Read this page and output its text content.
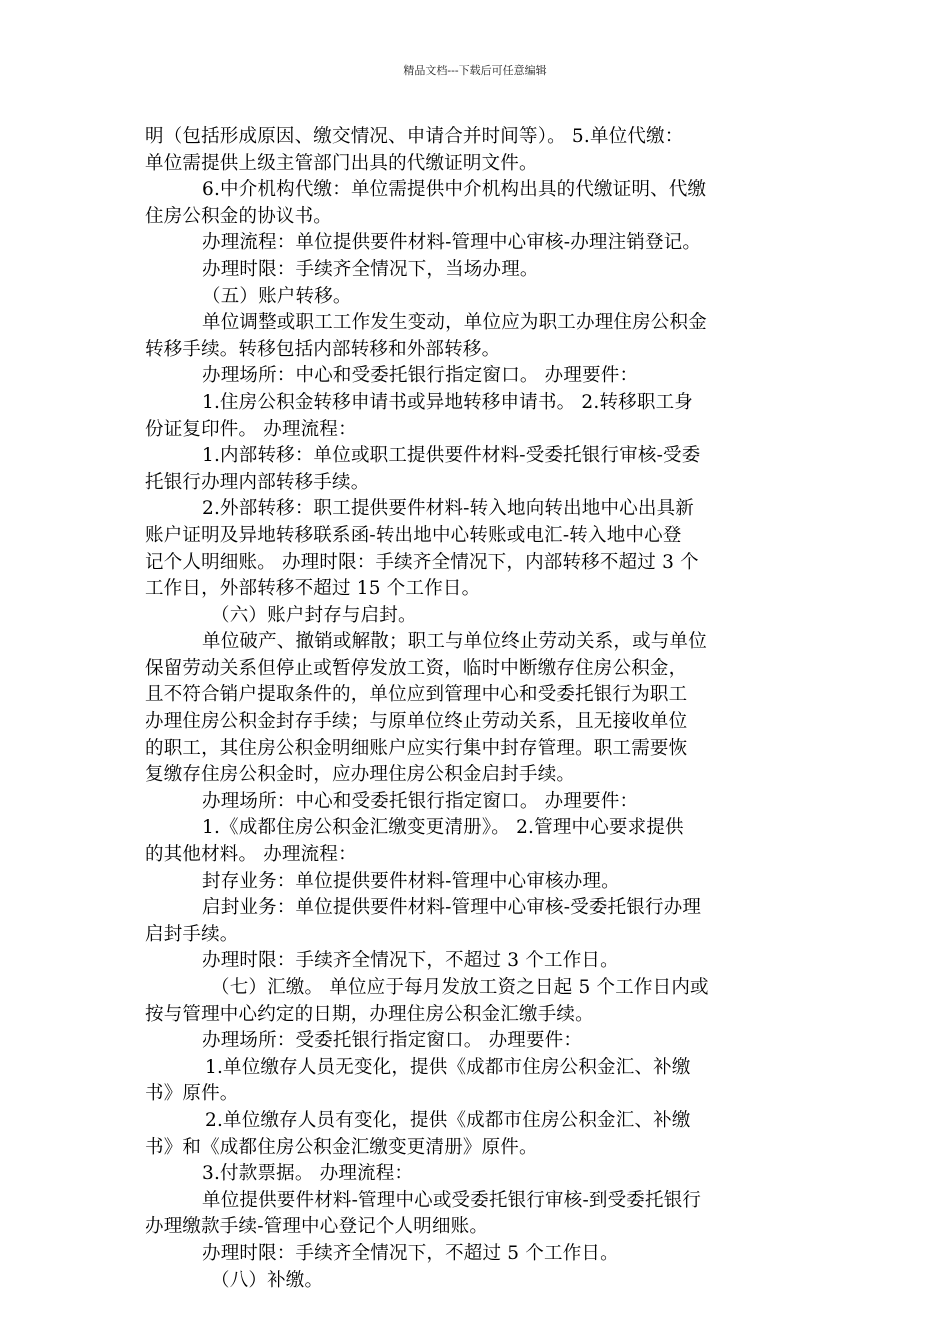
精品文档---下载后可任意编辑
明（包括形成原因、缴交情况、申请合并时间等）。 5.单位代缴：
单位需提供上级主管部门出具的代缴证明文件。
6.中介机构代缴：单位需提供中介机构出具的代缴证明、代缴
住房公积金的协议书。
办理流程：单位提供要件材料-管理中心审核-办理注销登记。
办理时限：手续齐全情况下，当场办理。
（五）账户转移。
单位调整或职工工作发生变动，单位应为职工办理住房公积金
转移手续。转移包括内部转移和外部转移。
办理场所：中心和受委托银行指定窗口。 办理要件：
1.住房公积金转移申请书或异地转移申请书。 2.转移职工身
份证复印件。 办理流程：
1.内部转移：单位或职工提供要件材料-受委托银行审核-受委
托银行办理内部转移手续。
2.外部转移：职工提供要件材料-转入地向转出地中心出具新
账户证明及异地转移联系函-转出地中心转账或电汇-转入地中心登
记个人明细账。 办理时限：手续齐全情况下，内部转移不超过 3 个
工作日，外部转移不超过 15 个工作日。
（六）账户封存与启封。
单位破产、撤销或解散；职工与单位终止劳动关系，或与单位
保留劳动关系但停止或暂停发放工资，临时中断缴存住房公积金，
且不符合销户提取条件的，单位应到管理中心和受委托银行为职工
办理住房公积金封存手续；与原单位终止劳动关系，且无接收单位
的职工，其住房公积金明细账户应实行集中封存管理。职工需要恢
复缴存住房公积金时，应办理住房公积金启封手续。
办理场所：中心和受委托银行指定窗口。 办理要件：
1.《成都住房公积金汇缴变更清册》。 2.管理中心要求提供
的其他材料。 办理流程：
封存业务：单位提供要件材料-管理中心审核办理。
启封业务：单位提供要件材料-管理中心审核-受委托银行办理
启封手续。
办理时限：手续齐全情况下，不超过 3 个工作日。
（七）汇缴。 单位应于每月发放工资之日起 5 个工作日内或
按与管理中心约定的日期，办理住房公积金汇缴手续。
办理场所：受委托银行指定窗口。 办理要件：
1.单位缴存人员无变化，提供《成都市住房公积金汇、补缴
书》原件。
2.单位缴存人员有变化，提供《成都市住房公积金汇、补缴
书》和《成都住房公积金汇缴变更清册》原件。
3.付款票据。 办理流程：
单位提供要件材料-管理中心或受委托银行审核-到受委托银行
办理缴款手续-管理中心登记个人明细账。
办理时限：手续齐全情况下，不超过 5 个工作日。
（八）补缴。
